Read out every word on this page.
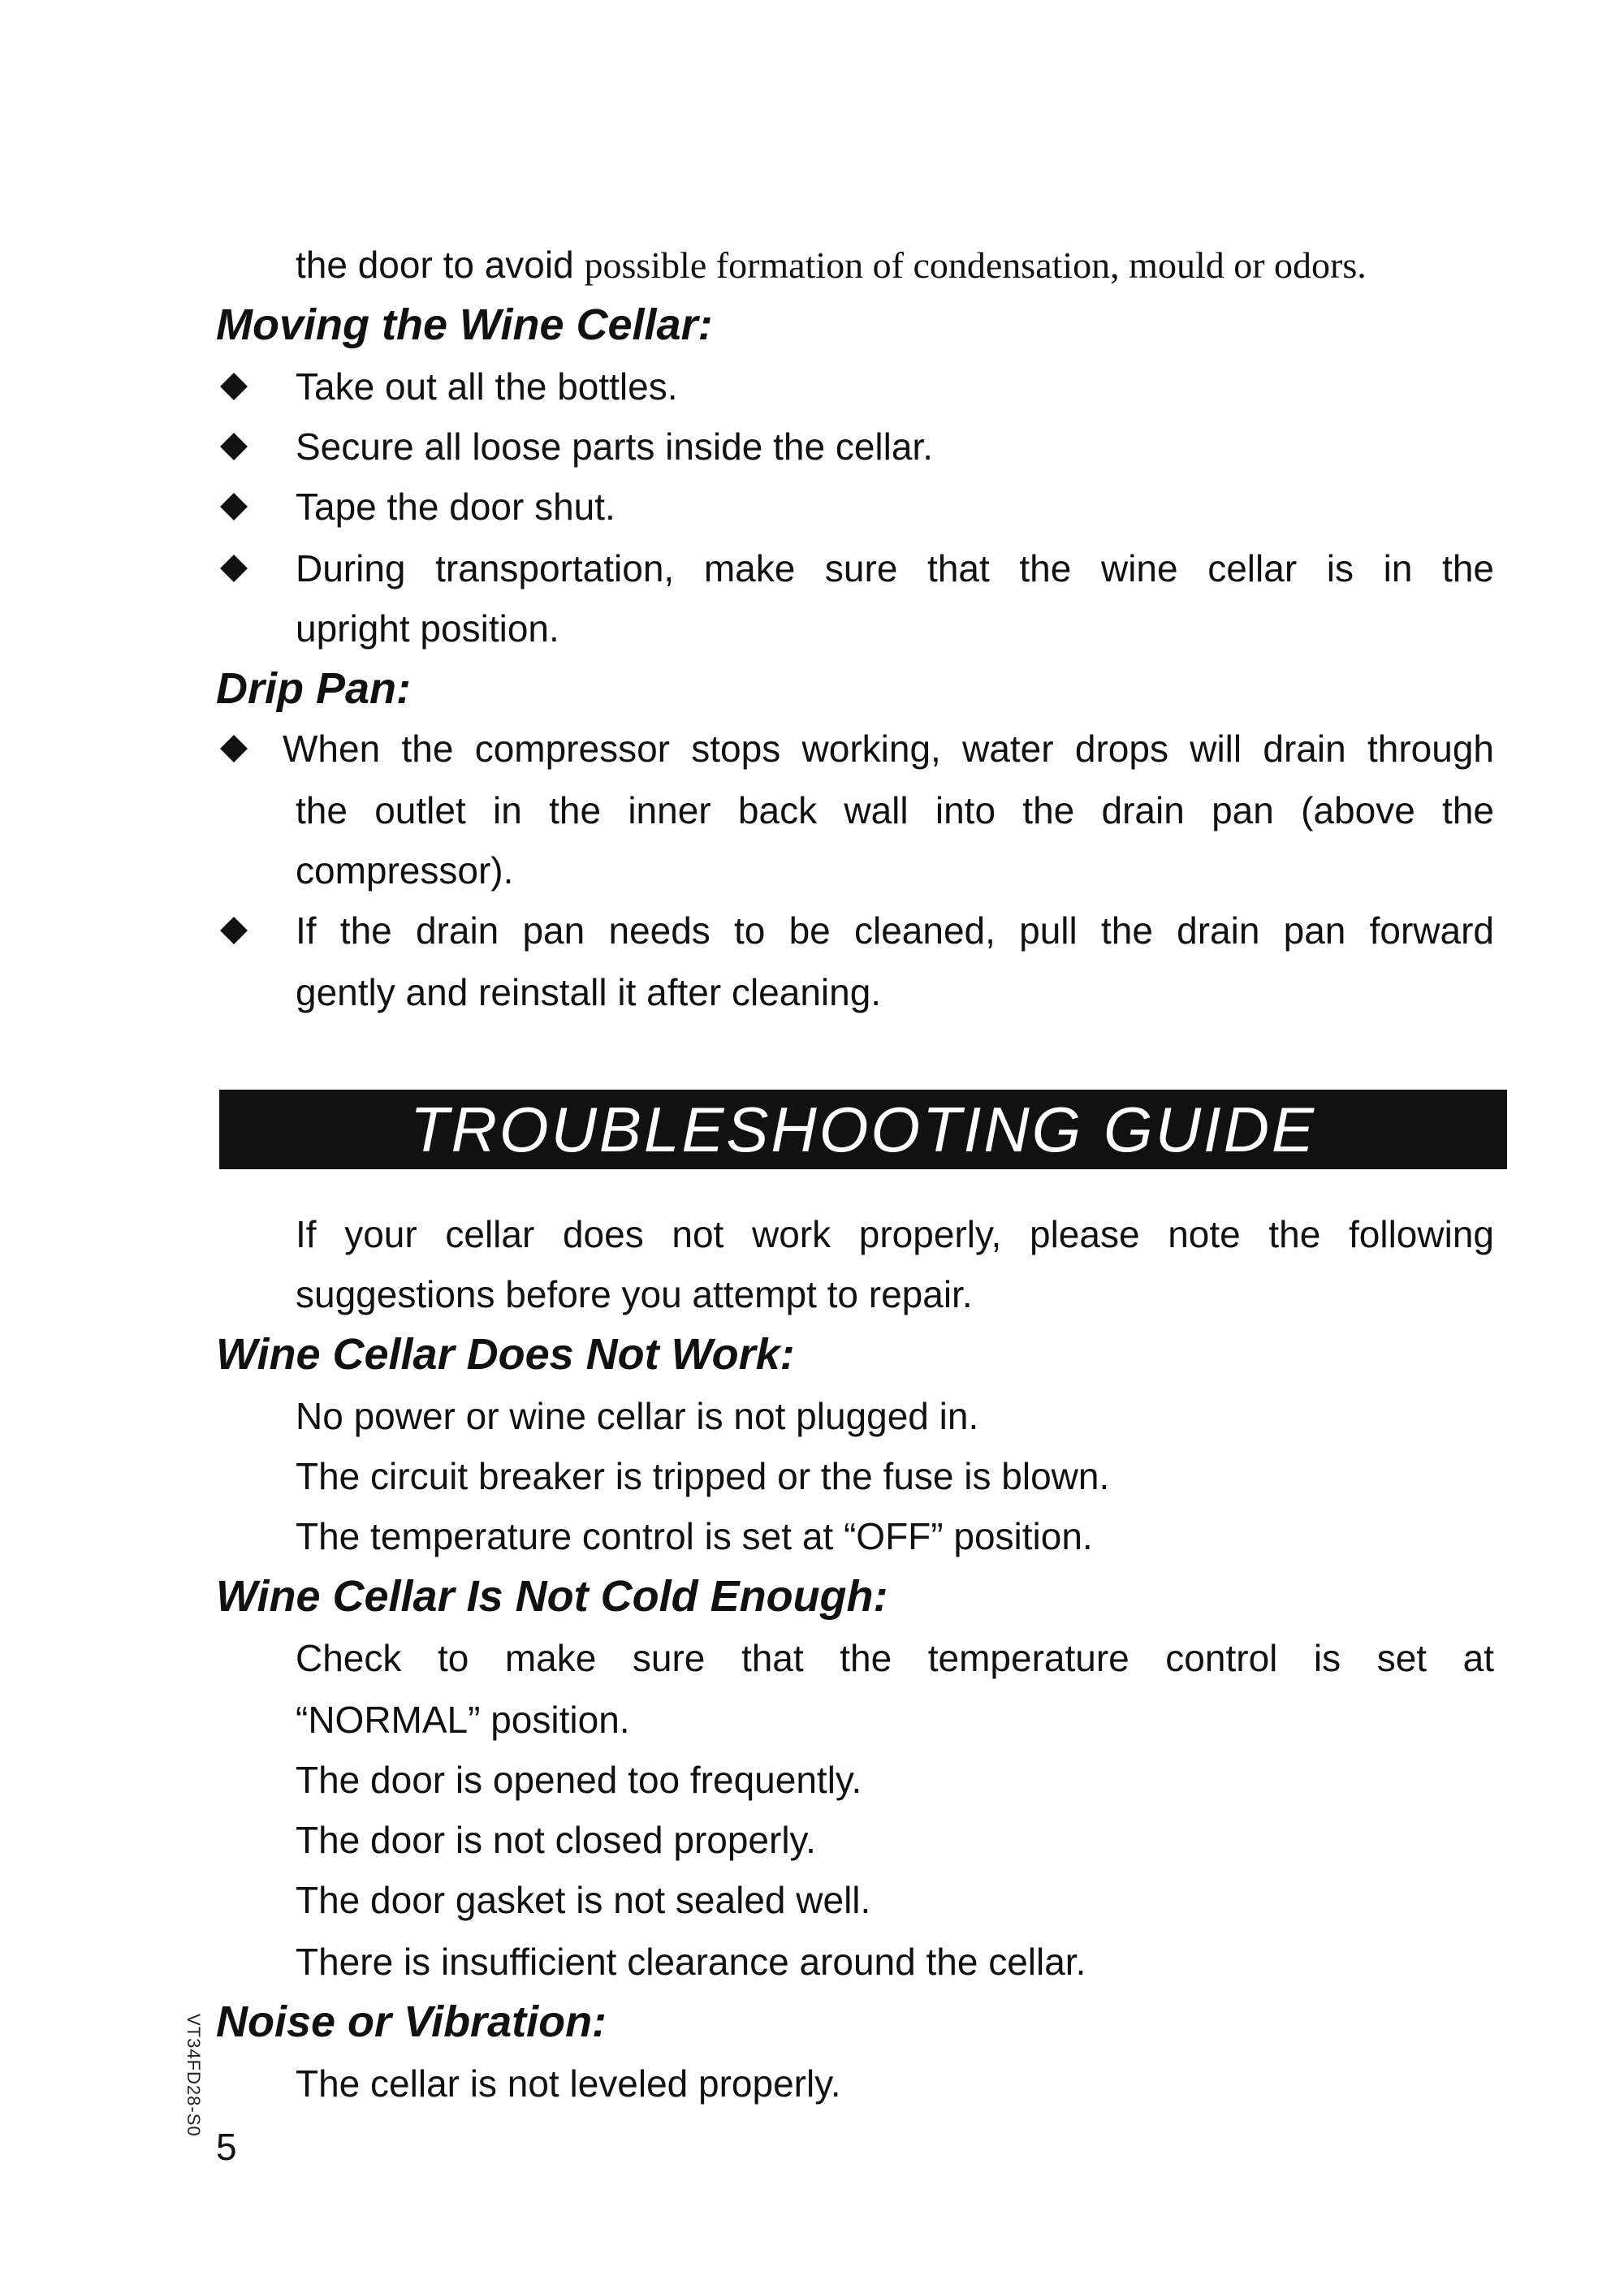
the door to avoid possible formation of condensation, mould or odors.
Moving the Wine Cellar:
Take out all the bottles.
Secure all loose parts inside the cellar.
Tape the door shut.
During transportation, make sure that the wine cellar is in the
upright position.
Drip Pan:
When the compressor stops working, water drops will drain through
the outlet in the inner back wall into the drain pan (above the
compressor).
If the drain pan needs to be cleaned, pull the drain pan forward
gently and reinstall it after cleaning.
TROUBLESHOOTING GUIDE
If your cellar does not work properly, please note the following
suggestions before you attempt to repair.
Wine Cellar Does Not Work:
No power or wine cellar is not plugged in.
The circuit breaker is tripped or the fuse is blown.
The temperature control is set at “OFF” position.
Wine Cellar Is Not Cold Enough:
Check to make sure that the temperature control is set at
“NORMAL” position.
The door is opened too frequently.
The door is not closed properly.
The door gasket is not sealed well.
There is insufficient clearance around the cellar.
Noise or Vibration:
The cellar is not leveled properly.
VT34FD28-S0
5
